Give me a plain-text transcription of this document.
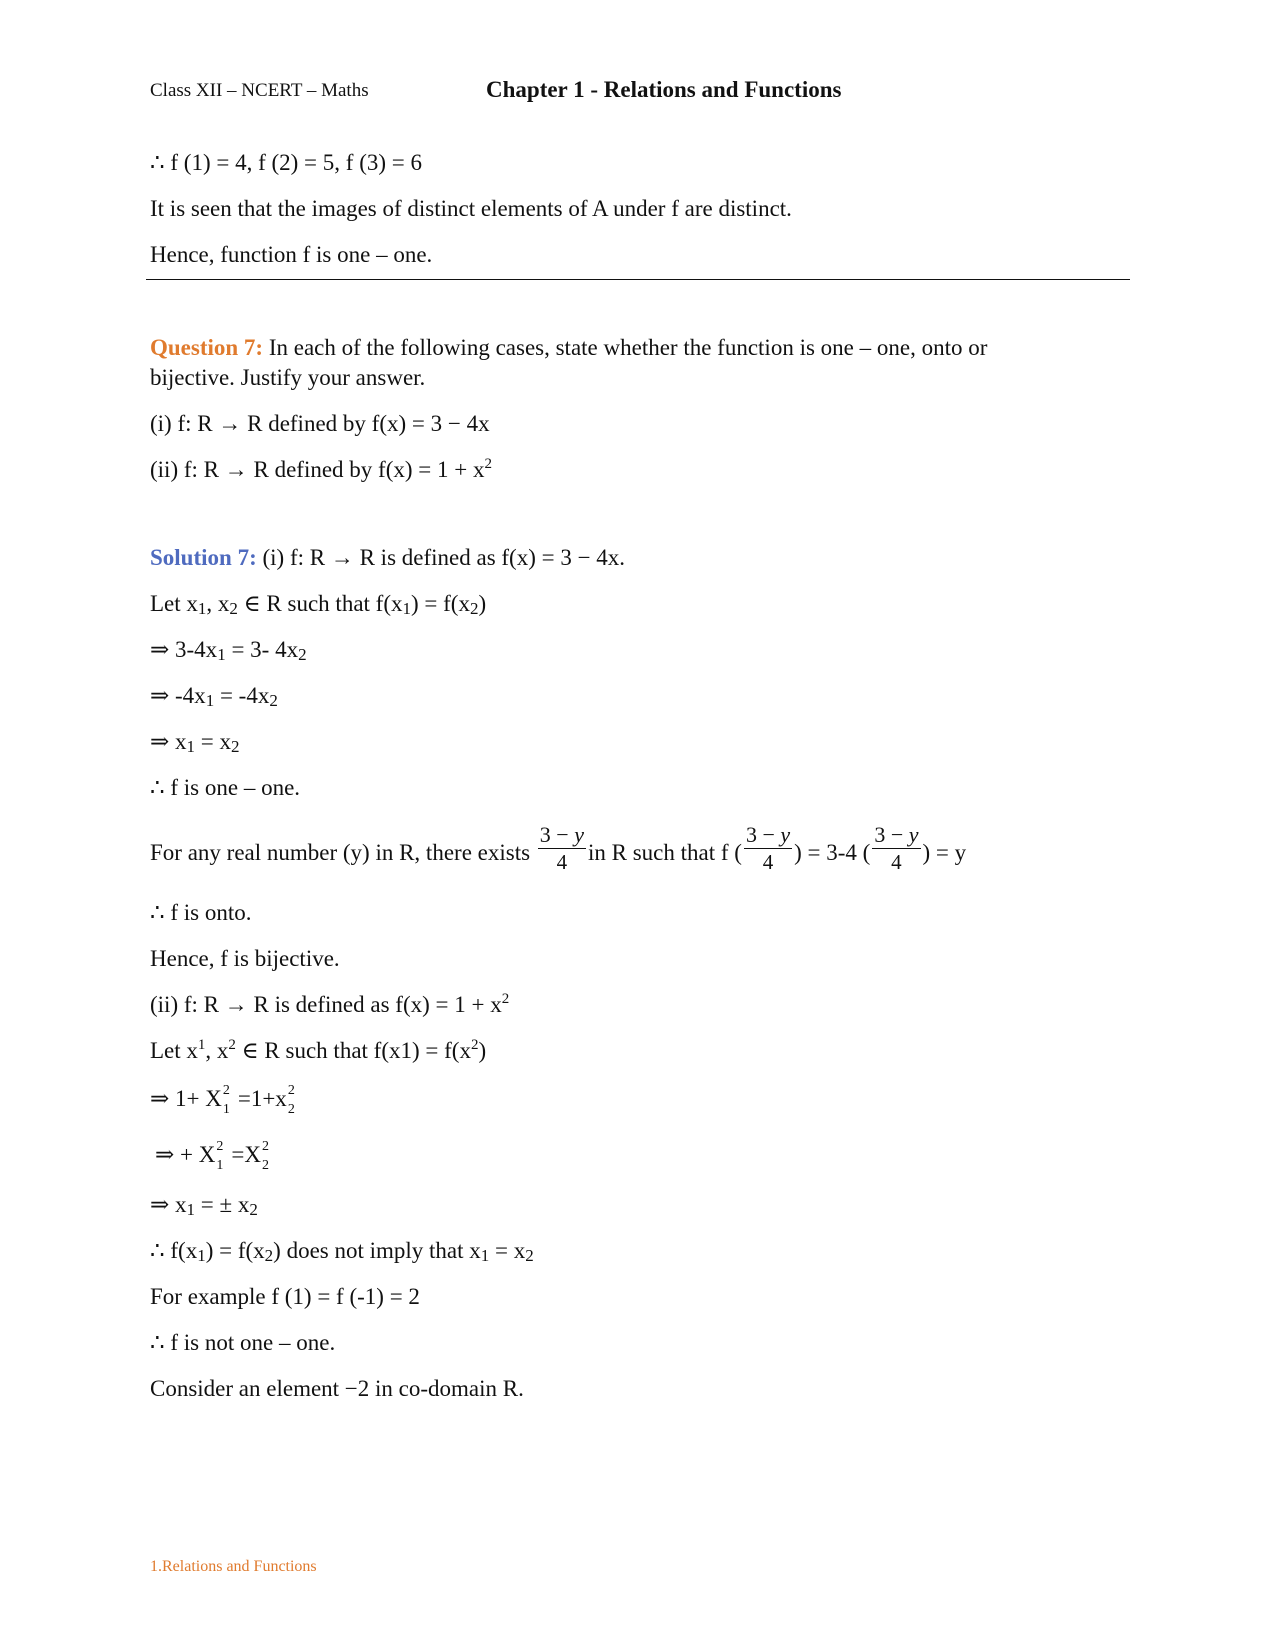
Class XII – NCERT – Maths	Chapter 1 - Relations and Functions
∴ f (1) = 4, f (2) = 5, f (3) = 6
It is seen that the images of distinct elements of A under f are distinct.
Hence, function f is one – one.
Question 7: In each of the following cases, state whether the function is one – one, onto or
bijective. Justify your answer.
(i) f: R → R defined by f(x) = 3 − 4x
(ii) f: R → R defined by $f(x) = 1 + x^2$
Solution 7: (i) f: R → R is defined as f(x) = 3 − 4x.
Let x1, x2 ∈ R such that f(x1) = f(x2)
⇒ 3-4x1 = 3- 4x2
⇒ -4x1 = -4x2
⇒ x1 = x2
∴ f is one – one.
For any real number (y) in R, there exists $\frac{3 - y}{4}$ in R such that f ( $\frac{3 - y}{4}$ ) = 3-4 ( $\frac{3 - y}{4}$ ) = y
∴ f is onto.
Hence, f is bijective.
(ii) f: R → R is defined as $f(x) = 1 + x^2$
Let $x^1$, $x^2$ ∈ R such that $f(x1) = f(x^2)$
⇒ 1+ X 2
1 =1+x 2
2
⇒ + X 2
1 =X 2
2
⇒ x1 = ± x2
∴ f(x1) = f(x2) does not imply that x1 = x2
For example f (1) = f (-1) = 2
∴ f is not one – one.
Consider an element −2 in co-domain R.
1.Relations and Functions
